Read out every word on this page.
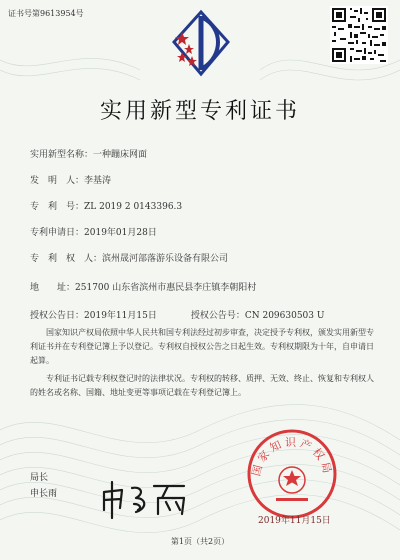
证书号第9613954号
实用新型专利证书
实用新型名称：一种蹦床网面
发　明　人：李基涛
专　利　号：ZL 2019 2 0143396.3
专利申请日：2019年01月28日
专　利　权　人：滨州晟河部落游乐设备有限公司
地　　址：251700 山东省滨州市惠民县李庄镇李朝阳村
授权公告日：2019年11月15日	授权公告号：CN 209630503 U
国家知识产权局依照中华人民共和国专利法经过初步审查，决定授予专利权，颁发实用新型专利证书并在专利登记簿上予以登记。专利权自授权公告之日起生效。专利权期限为十年，自申请日起算。
专利证书记载专利权登记时的法律状况。专利权的转移、质押、无效、终止、恢复和专利权人的姓名或名称、国籍、地址变更等事项记载在专利登记簿上。
局长
申长雨
国家知识产权局
2019年11月15日
第1页（共2页）
